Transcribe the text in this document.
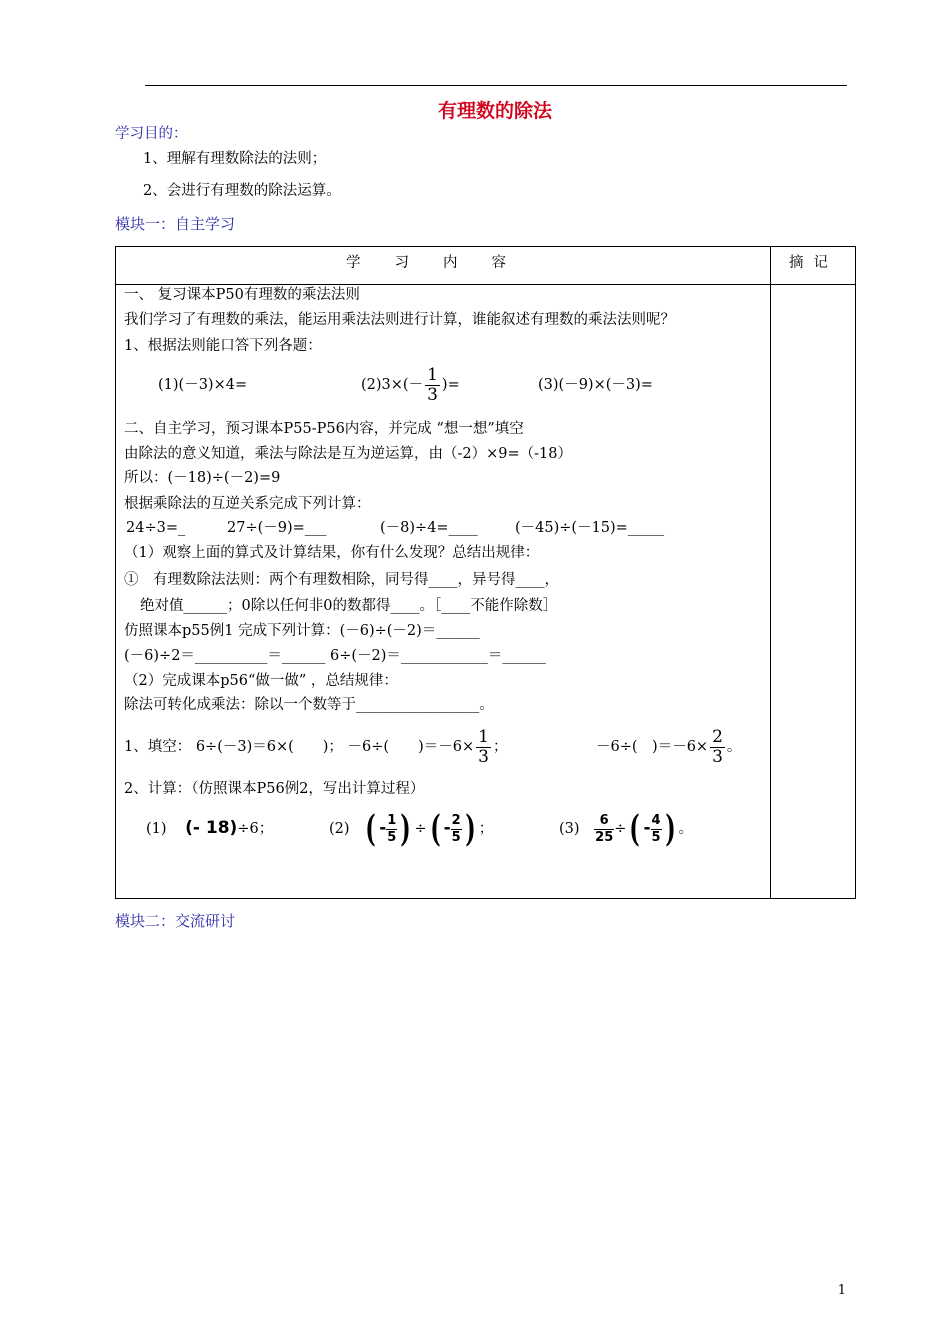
有理数的除法
学习目的：
1、理解有理数除法的法则；
2、会进行有理数的除法运算。
模块一：自主学习
学习内容	摘记
一、 复习课本P50有理数的乘法法则
我们学习了有理数的乘法，能运用乘法法则进行计算，谁能叙述有理数的乘法法则呢？
1、根据法则能口答下列各题：
(1)(－3)×4=	$(2)3\times(- \frac{1}{3}$ )=	(3)(－9)×(－3)=
二、自主学习，预习课本P55-P56内容，并完成 “想一想”填空
由除法的意义知道，乘法与除法是互为逆运算，由（-2）×9=（-18）
所以：(－18)÷(－2)=9
根据乘除法的互逆关系完成下列计算：
24÷3=_	27÷(－9)=___	(－8)÷4=____	(－45)÷(－15)=_____
（1）观察上面的算式及计算结果，你有什么发现？总结出规律：
①　有理数除法法则：两个有理数相除，同号得____，异号得____，
绝对值______；0除以任何非0的数都得____。［____不能作除数］
仿照课本p55例1 完成下列计算：(－6)÷(－2)＝______
(－6)÷2＝__________＝______ 6÷(－2)＝____________＝______
（2）完成课本p56“做一做” ，总结规律：
除法可转化成乘法：除以一个数等于_________________。
1、填空： 6÷(－3)＝6×(　　)； －6÷(　　)$=-6\times \frac{1}{3}$ ；	－6÷(　)$=-6\times \frac{2}{3}$ 。
2、计算：（仿照课本P56例2，写出计算过程）
(1) (- 18)÷6；	(2) ( - $\frac{1}{5}$ ) ÷( - $\frac{2}{5}$ ) ；	$(3) \frac{6}{25}$ ÷( - $\frac{4}{5}$ ) 。
模块二：交流研讨
1
